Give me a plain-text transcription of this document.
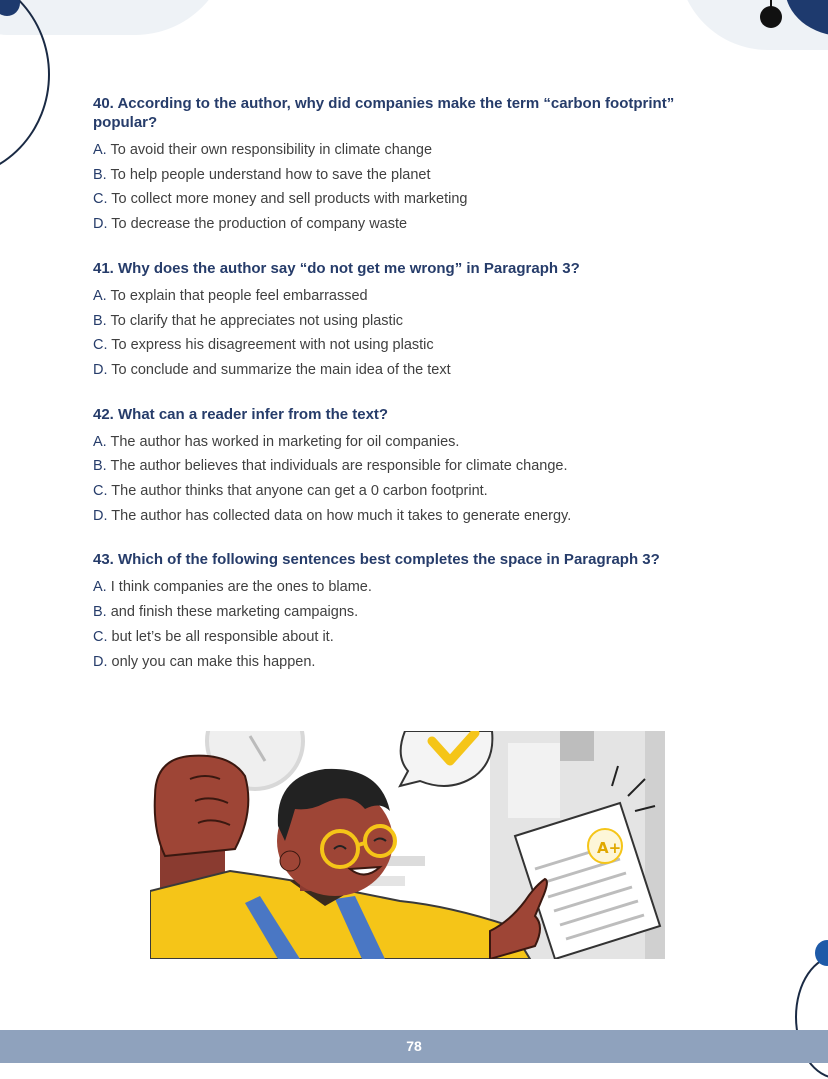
40. According to the author, why did companies make the term “carbon footprint” popular?

A. To avoid their own responsibility in climate change
B. To help people understand how to save the planet
C. To collect more money and sell products with marketing
D. To decrease the production of company waste

41. Why does the author say “do not get me wrong” in Paragraph 3?

A. To explain that people feel embarrassed
B. To clarify that he appreciates not using plastic
C. To express his disagreement with not using plastic
D. To conclude and summarize the main idea of the text

42. What can a reader infer from the text?

A. The author has worked in marketing for oil companies.
B. The author believes that individuals are responsible for climate change.
C. The author thinks that anyone can get a 0 carbon footprint.
D. The author has collected data on how much it takes to generate energy.

43. Which of the following sentences best completes the space in Paragraph 3?

A. I think companies are the ones to blame.
B. and finish these marketing campaigns.
C. but let’s be all responsible about it.
D. only you can make this happen.
A+
78
